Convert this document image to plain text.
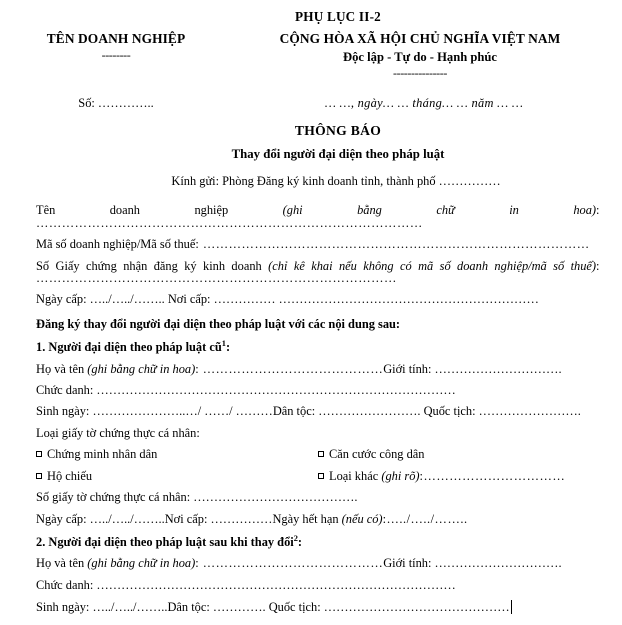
PHỤ LỤC II-2
TÊN DOANH NGHIỆP
--------
CỘNG HÒA XÃ HỘI CHỦ NGHĨA VIỆT NAM
Độc lập - Tự do - Hạnh phúc
---------------
Số: …………..	… …, ngày… … tháng… … năm … …
THÔNG BÁO
Thay đổi người đại diện theo pháp luật
Kính gửi: Phòng Đăng ký kinh doanh tỉnh, thành phố ……………
Tên doanh nghiệp	(ghi bằng chữ in hoa): ………………………………………………………………………………
Mã số doanh nghiệp/Mã số thuế: ………………………………………………………………………………
Số Giấy chứng nhận đăng ký kinh doanh (chỉ kê khai nếu không có mã số doanh nghiệp/mã số thuế): …………………………………………………………………………
Ngày cấp: …../…../…….. Nơi cấp: …………… ………………………………………………………
Đăng ký thay đổi người đại diện theo pháp luật với các nội dung sau:
1. Người đại diện theo pháp luật $cũ^1$:
Họ và tên (ghi bằng chữ in hoa): ……………………………………Giới tính: ………………………….
Chức danh: ……………………………………………………………………………
Sinh ngày: …………………..…/ ……/ ………Dân tộc: ……………………. Quốc tịch: …………………….
Loại giấy tờ chứng thực cá nhân:
Chứng minh nhân dân	Căn cước công dân
Hộ chiếu	Loại khác (ghi rõ):……………………………
Số giấy tờ chứng thực cá nhân: ………………………………….
Ngày cấp: …../…../……..Nơi cấp: ……………Ngày hết hạn (nếu có):…../…../……..
2. Người đại diện theo pháp luật sau khi thay đổi$^2$:
Họ và tên (ghi bằng chữ in hoa): ……………………………………Giới tính: ………………………….
Chức danh: ……………………………………………………………………………
Sinh ngày: …../…../……..Dân tộc: …………. Quốc tịch: ………………………………………
